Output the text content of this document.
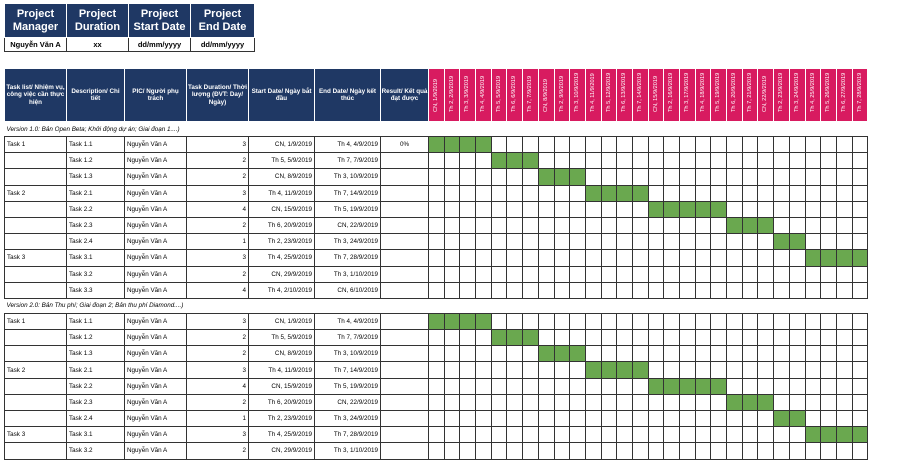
Project Manager	Project Duration	Project Start Date	Project End Date
Nguyễn Văn A	xx	dd/mm/yyyy	dd/mm/yyyy
Task list/ Nhiệm vụ, công việc cần thực hiện	Description/ Chi tiết	PIC/ Người phụ trách	Task Duration/ Thời lượng (ĐVT: Day/ Ngày)	Start Date/ Ngày bắt đầu	End Date/ Ngày kết thúc	Result/ Kết quả đạt được	CN, 1/9/2019	Th 2, 2/9/2019	Th 3, 3/9/2019	Th 4, 4/9/2019	Th 5, 5/9/2019	Th 6, 6/9/2019	Th 7, 7/9/2019	CN, 8/9/2019	Th 2, 9/9/2019	Th 3, 10/9/2019	Th 4, 11/9/2019	Th 5, 12/9/2019	Th 6, 13/9/2019	Th 7, 14/9/2019	CN, 15/9/2019	Th 2, 16/9/2019	Th 3, 17/9/2019	Th 4, 18/9/2019	Th 5, 19/9/2019	Th 6, 20/9/2019	Th 7, 21/9/2019	CN, 22/9/2019	Th 2, 23/9/2019	Th 3, 24/9/2019	Th 4, 25/9/2019	Th 5, 26/9/2019	Th 6, 27/9/2019	Th 7, 28/9/2019

Version 1.0: Bản Open Beta; Khởi động dự án; Giai đoạn 1....)																																		
Task 1	Task 1.1	Nguyễn Văn A	3	CN, 1/9/2019	Th 4, 4/9/2019	0%																												
	Task 1.2	Nguyễn Văn A	2	Th 5, 5/9/2019	Th 7, 7/9/2019																													
	Task 1.3	Nguyễn Văn A	2	CN, 8/9/2019	Th 3, 10/9/2019																													
Task 2	Task 2.1	Nguyễn Văn A	3	Th 4, 11/9/2019	Th 7, 14/9/2019																													
	Task 2.2	Nguyễn Văn A	4	CN, 15/9/2019	Th 5, 19/9/2019																													
	Task 2.3	Nguyễn Văn A	2	Th 6, 20/9/2019	CN, 22/9/2019																													
	Task 2.4	Nguyễn Văn A	1	Th 2, 23/9/2019	Th 3, 24/9/2019																													
Task 3	Task 3.1	Nguyễn Văn A	3	Th 4, 25/9/2019	Th 7, 28/9/2019																													
	Task 3.2	Nguyễn Văn A	2	CN, 29/9/2019	Th 3, 1/10/2019																													
	Task 3.3	Nguyễn Văn A	4	Th 4, 2/10/2019	CN, 6/10/2019																													
Version 2.0: Bản Thu phí; Giai đoạn 2; Bản thu phí Diamond....)																																		
Task 1	Task 1.1	Nguyễn Văn A	3	CN, 1/9/2019	Th 4, 4/9/2019																													
	Task 1.2	Nguyễn Văn A	2	Th 5, 5/9/2019	Th 7, 7/9/2019																													
	Task 1.3	Nguyễn Văn A	2	CN, 8/9/2019	Th 3, 10/9/2019																													
Task 2	Task 2.1	Nguyễn Văn A	3	Th 4, 11/9/2019	Th 7, 14/9/2019																													
	Task 2.2	Nguyễn Văn A	4	CN, 15/9/2019	Th 5, 19/9/2019																													
	Task 2.3	Nguyễn Văn A	2	Th 6, 20/9/2019	CN, 22/9/2019																													
	Task 2.4	Nguyễn Văn A	1	Th 2, 23/9/2019	Th 3, 24/9/2019																													
Task 3	Task 3.1	Nguyễn Văn A	3	Th 4, 25/9/2019	Th 7, 28/9/2019																													
	Task 3.2	Nguyễn Văn A	2	CN, 29/9/2019	Th 3, 1/10/2019																													
